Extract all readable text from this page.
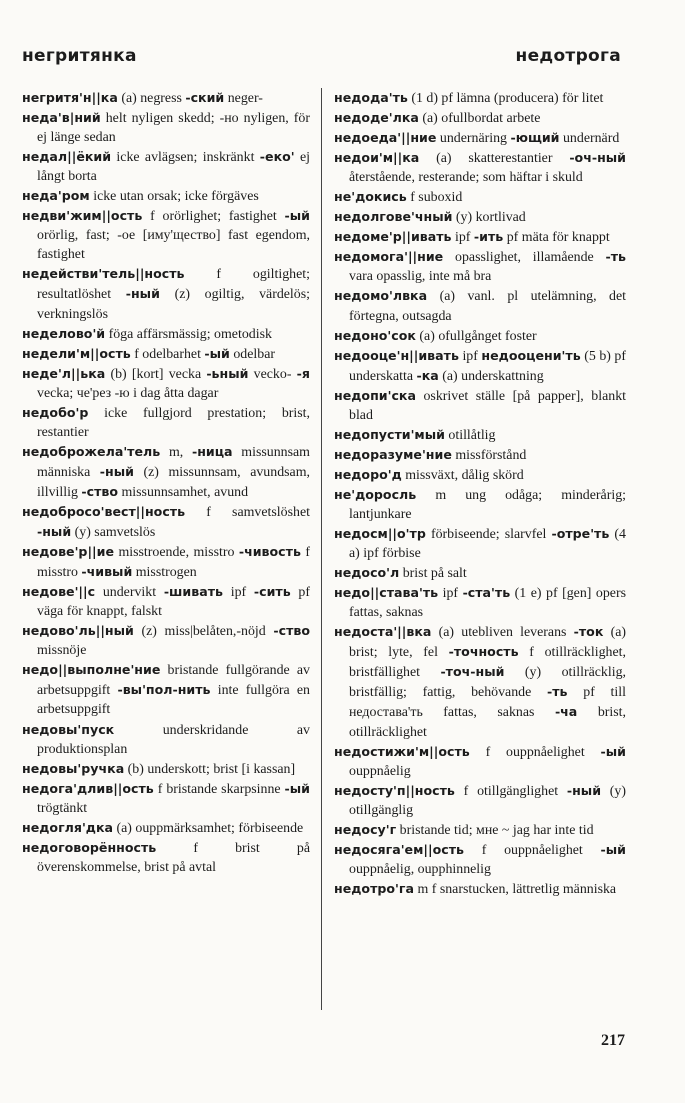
негритянка	недотрога
негритя'н||ка (a) negress -ский neger-
неда'в|ний helt nyligen skedd; -но nyligen, för ej länge sedan
недал||ёкий icke avlägsen; inskränkt -еко' ej långt borta
неда'ром icke utan orsak; icke förgäves
недви'жим||ость f orörlighet; fastighet -ый orörlig, fast; -ое [иму'щество] fast egendom, fastighet
недействи'тель||ность f ogiltighet; resultatlöshet -ный (z) ogiltig, värdelös; verkningslös
неделово'й föga affärsmässig; ometodisk
недели'м||ость f odelbarhet -ый odelbar
неде'л||ька (b) [kort] vecka -ьный vecko- -я vecka; че'рез -ю i dag åtta dagar
недобо'р icke fullgjord prestation; brist, restantier
недоброжела'тель m, -ница missunnsam människa -ный (z) missunnsam, avundsam, illvillig -ство missunnsamhet, avund
недобросо'вест||ность f samvetslöshet -ный (y) samvetslös
недове'р||ие misstroende, misstro -чивость f misstro -чивый misstrogen
недове'||с undervikt -шивать ipf -сить pf väga för knappt, falskt
недово'ль||ный (z) miss|belåten,-nöjd -ство missnöje
недо||выполне'ние bristande fullgörande av arbetsuppgift -вы'пол-нить inte fullgöra en arbetsuppgift
недовы'пуск underskridande av produktionsplan
недовы'ручка (b) underskott; brist [i kassan]
недога'длив||ость f bristande skarpsinne -ый trögtänkt
недогля'дка (a) ouppmärksamhet; förbiseende
недоговорённость f brist på överenskommelse, brist på avtal
недода'ть (1 d) pf lämna (producera) för litet
недоде'лка (a) ofullbordat arbete
недоеда'||ние undernäring -ющий undernärd
недои'м||ка (a) skatterestantier -оч-ный återstående, resterande; som häftar i skuld
не'докись f suboxid
недолгове'чный (y) kortlivad
недоме'р||ивать ipf -ить pf mäta för knappt
недомога'||ние opasslighet, illamående -ть vara opasslig, inte må bra
недомо'лвка (a) vanl. pl utelämning, det förtegna, outsagda
недоно'сок (a) ofullgånget foster
недооце'н||ивать ipf недооцени'ть (5 b) pf underskatta -ка (a) underskattning
недопи'ска oskrivet ställe [på papper], blankt blad
недопусти'мый otillåtlig
недоразуме'ние missförstånd
недоро'д missväxt, dålig skörd
не'доросль m ung odåga; minderårig; lantjunkare
недосм||о'тр förbiseende; slarvfel -отре'ть (4 a) ipf förbise
недосо'л brist på salt
недо||става'ть ipf -ста'ть (1 e) pf [gen] opers fattas, saknas
недоста'||вка (a) utebliven leverans -ток (a) brist; lyte, fel -точность f otillräcklighet, bristfällighet -точ-ный (y) otillräcklig, bristfällig; fattig, behövande -ть pf till недостава'ть fattas, saknas -ча brist, otillräcklighet
недостижи'м||ость f ouppnåelighet -ый ouppnåelig
недосту'п||ность f otillgänglighet -ный (y) otillgänglig
недосу'г bristande tid; мне ~ jag har inte tid
недосяга'ем||ость f ouppnåelighet -ый ouppnåelig, oupphinnelig
недотро'га m f snarstucken, lättretlig människa
217
